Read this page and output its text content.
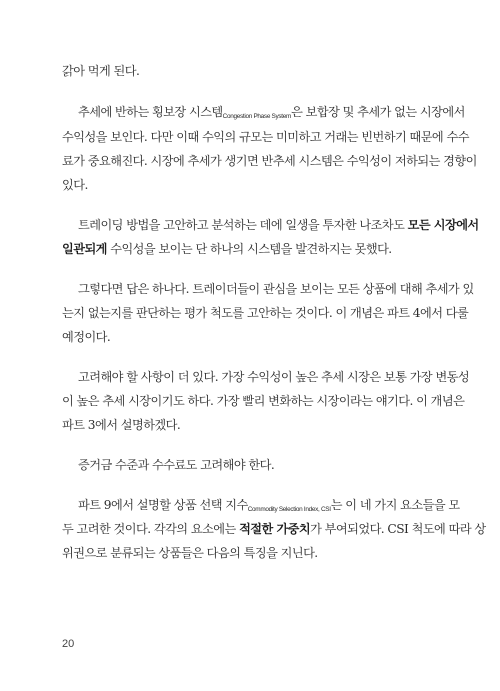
갉아 먹게 된다.
추세에 반하는 횡보장 시스템Congestion Phase System은 보합장 및 추세가 없는 시장에서
수익성을 보인다. 다만 이때 수익의 규모는 미미하고 거래는 빈번하기 때문에 수수
료가 중요해진다. 시장에 추세가 생기면 반추세 시스템은 수익성이 저하되는 경향이
있다.
트레이딩 방법을 고안하고 분석하는 데에 일생을 투자한 나조차도 모든 시장에서
일관되게 수익성을 보이는 단 하나의 시스템을 발견하지는 못했다.
그렇다면 답은 하나다. 트레이더들이 관심을 보이는 모든 상품에 대해 추세가 있
는지 없는지를 판단하는 평가 척도를 고안하는 것이다. 이 개념은 파트 4에서 다룰
예정이다.
고려해야 할 사항이 더 있다. 가장 수익성이 높은 추세 시장은 보통 가장 변동성
이 높은 추세 시장이기도 하다. 가장 빨리 변화하는 시장이라는 얘기다. 이 개념은
파트 3에서 설명하겠다.
증거금 수준과 수수료도 고려해야 한다.
파트 9에서 설명할 상품 선택 지수Commodity Selection Index, CSI는 이 네 가지 요소들을 모
두 고려한 것이다. 각각의 요소에는 적절한 가중치가 부여되었다. CSI 척도에 따라 상
위권으로 분류되는 상품들은 다음의 특징을 지닌다.
20
